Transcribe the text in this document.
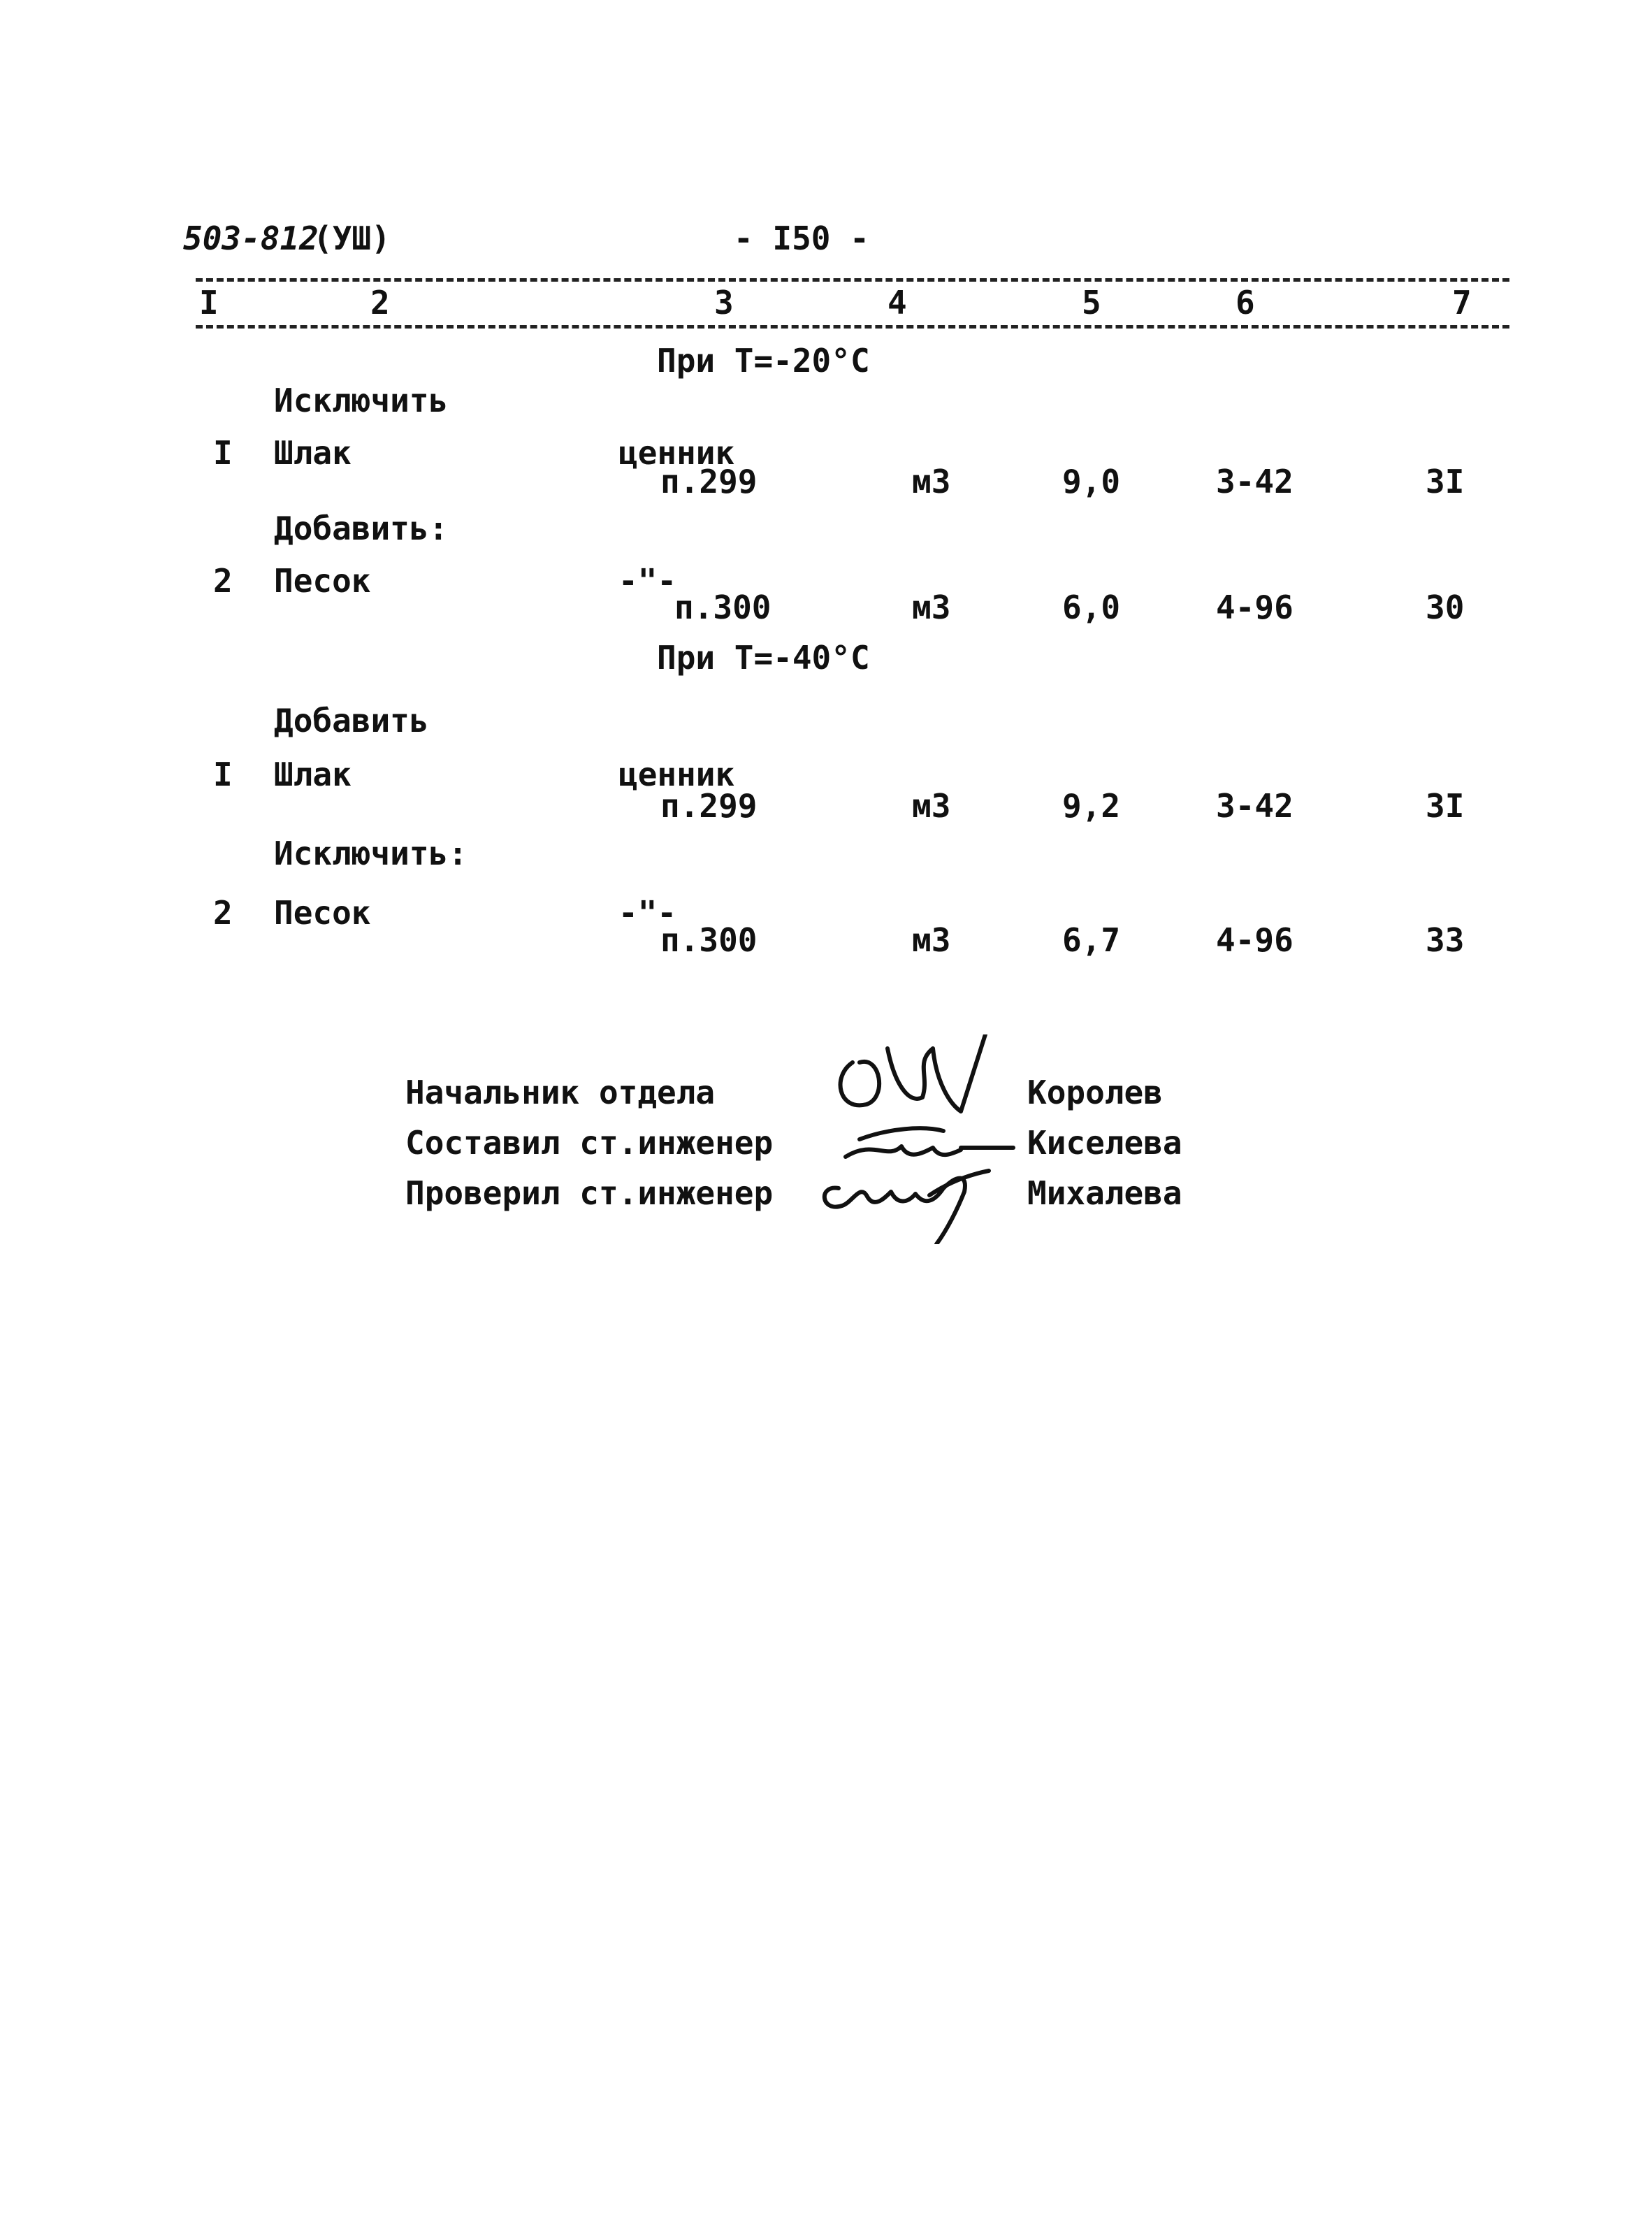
503-812
(УШ)	- I50 -
I	2	3	4	5	6	7
При Т=-20°С
Исключить
I Шлак	ценник
п.299	м3	9,0	3-42	3I
Добавить:
2 Песок	-"-
п.300	м3	6,0	4-96	30
При Т=-40°С
Добавить
I Шлак	ценник
п.299	м3	9,2	3-42	3I
Исключить:
2 Песок	-"-
п.300	м3	6,7	4-96	33
Начальник отдела	Королев
Составил ст.инженер	Киселева
Проверил ст.инженер	Михалева
